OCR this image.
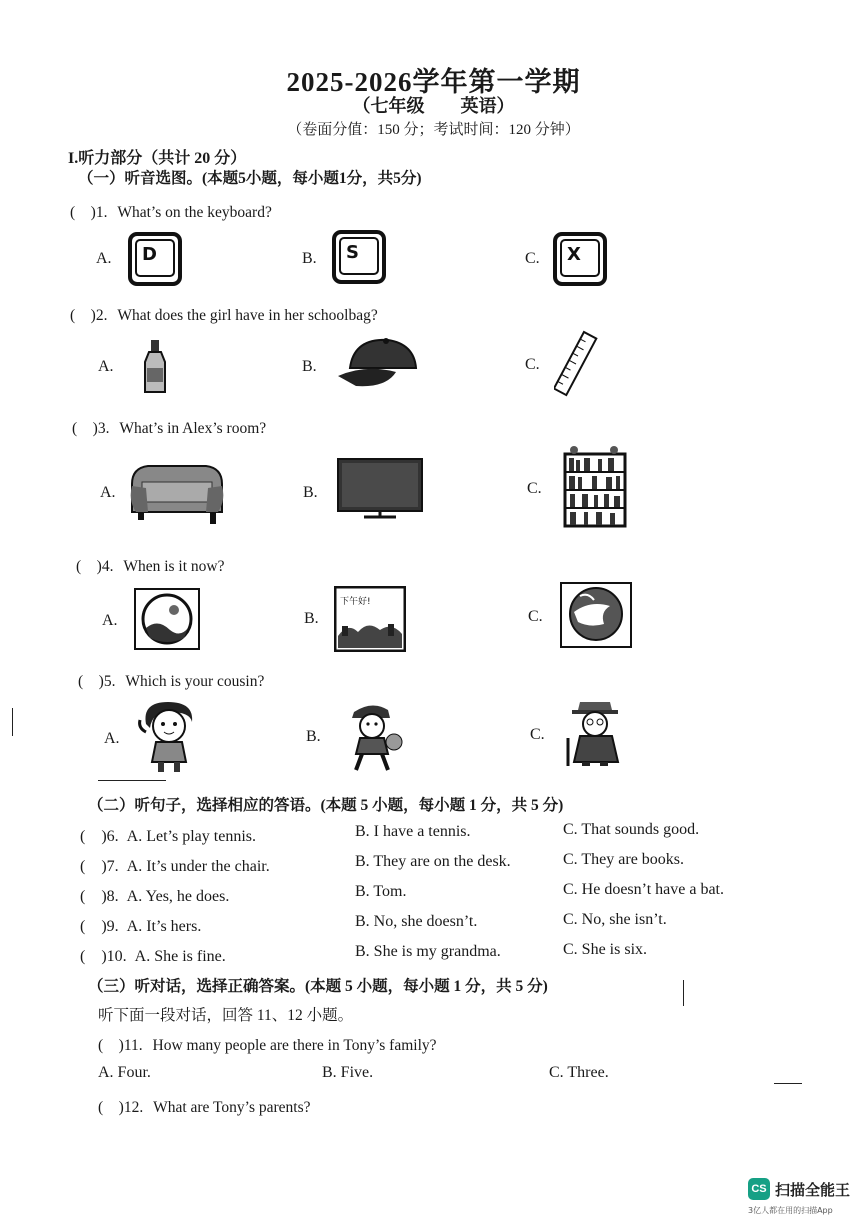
2025-2026学年第一学期
（七年级　　英语）
（卷面分值：150 分；考试时间：120 分钟）
I.听力部分（共计 20 分）
（一）听音选图。(本题5小题，每小题1分，共5分)
(　)1. What’s on the keyboard?
A.	B.	C.
D	S	X
(　)2. What does the girl have in her schoolbag?
A.	B.	C.
(　)3. What’s in Alex’s room?
A.	B.	C.
(　)4. When is it now?
A.	B.	C.
下午好!
(　)5. Which is your cousin?
A.	B.	C.
（二）听句子，选择相应的答语。(本题 5 小题，每小题 1 分，共 5 分)
(　)6. A. Let’s play tennis.	B. I have a tennis.	C. That sounds good.
(　)7. A. It’s under the chair.	B. They are on the desk.	C. They are books.
(　)8. A. Yes, he does.	B. Tom.	C. He doesn’t have a bat.
(　)9. A. It’s hers.	B. No, she doesn’t.	C. No, she isn’t.
(　)10. A. She is fine.	B. She is my grandma.	C. She is six.
（三）听对话，选择正确答案。(本题 5 小题，每小题 1 分，共 5 分)
听下面一段对话，回答 11、12 小题。
(　)11. How many people are there in Tony’s family?
A. Four.	B. Five.	C. Three.
(　)12. What are Tony’s parents?
CS 扫描全能王
3亿人都在用的扫描App
